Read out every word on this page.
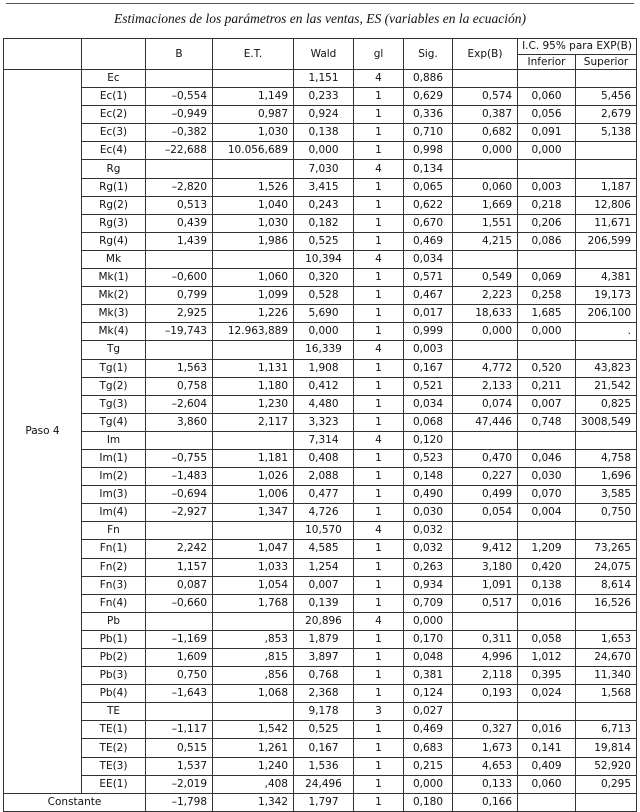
Estimaciones de los parámetros en las ventas, ES (variables en la ecuación)
		B	E.T.	Wald	gl	Sig.	Exp(B)	I.C. 95% para EXP(B)	
								Inferior	Superior
Paso 4	Ec			1,151	4	0,886			
	Ec(1)	–0,554	1,149	0,233	1	0,629	0,574	0,060	5,456
	Ec(2)	–0,949	0,987	0,924	1	0,336	0,387	0,056	2,679
	Ec(3)	–0,382	1,030	0,138	1	0,710	0,682	0,091	5,138
	Ec(4)	–22,688	10.056,689	0,000	1	0,998	0,000	0,000	
	Rg			7,030	4	0,134			
	Rg(1)	–2,820	1,526	3,415	1	0,065	0,060	0,003	1,187
	Rg(2)	0,513	1,040	0,243	1	0,622	1,669	0,218	12,806
	Rg(3)	0,439	1,030	0,182	1	0,670	1,551	0,206	11,671
	Rg(4)	1,439	1,986	0,525	1	0,469	4,215	0,086	206,599
	Mk			10,394	4	0,034			
	Mk(1)	–0,600	1,060	0,320	1	0,571	0,549	0,069	4,381
	Mk(2)	0,799	1,099	0,528	1	0,467	2,223	0,258	19,173
	Mk(3)	2,925	1,226	5,690	1	0,017	18,633	1,685	206,100
	Mk(4)	–19,743	12.963,889	0,000	1	0,999	0,000	0,000	.
	Tg			16,339	4	0,003			
	Tg(1)	1,563	1,131	1,908	1	0,167	4,772	0,520	43,823
	Tg(2)	0,758	1,180	0,412	1	0,521	2,133	0,211	21,542
	Tg(3)	–2,604	1,230	4,480	1	0,034	0,074	0,007	0,825
	Tg(4)	3,860	2,117	3,323	1	0,068	47,446	0,748	3008,549
	Im			7,314	4	0,120			
	Im(1)	–0,755	1,181	0,408	1	0,523	0,470	0,046	4,758
	Im(2)	–1,483	1,026	2,088	1	0,148	0,227	0,030	1,696
	Im(3)	–0,694	1,006	0,477	1	0,490	0,499	0,070	3,585
	Im(4)	–2,927	1,347	4,726	1	0,030	0,054	0,004	0,750
	Fn			10,570	4	0,032			
	Fn(1)	2,242	1,047	4,585	1	0,032	9,412	1,209	73,265
	Fn(2)	1,157	1,033	1,254	1	0,263	3,180	0,420	24,075
	Fn(3)	0,087	1,054	0,007	1	0,934	1,091	0,138	8,614
	Fn(4)	–0,660	1,768	0,139	1	0,709	0,517	0,016	16,526
	Pb			20,896	4	0,000			
	Pb(1)	–1,169	,853	1,879	1	0,170	0,311	0,058	1,653
	Pb(2)	1,609	,815	3,897	1	0,048	4,996	1,012	24,670
	Pb(3)	0,750	,856	0,768	1	0,381	2,118	0,395	11,340
	Pb(4)	–1,643	1,068	2,368	1	0,124	0,193	0,024	1,568
	TE			9,178	3	0,027			
	TE(1)	–1,117	1,542	0,525	1	0,469	0,327	0,016	6,713
	TE(2)	0,515	1,261	0,167	1	0,683	1,673	0,141	19,814
	TE(3)	1,537	1,240	1,536	1	0,215	4,653	0,409	52,920
	EE(1)	–2,019	,408	24,496	1	0,000	0,133	0,060	0,295
Constante		–1,798	1,342	1,797	1	0,180	0,166		
